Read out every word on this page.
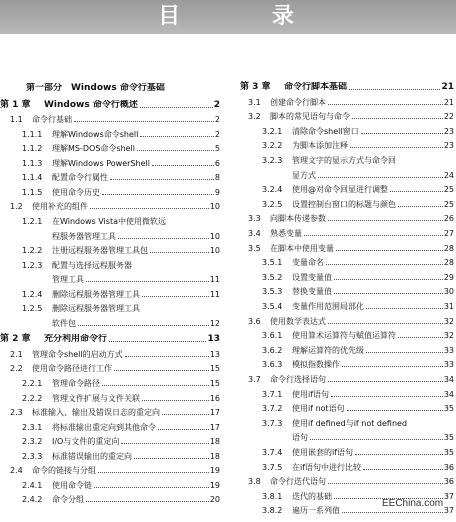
目 录
第一部分　Windows 命令行基础
第 1 章	Windows 命令行概述	2
1.1	命令行基础	2
1.1.1	理解Windows命令shell	2
1.1.2	理解MS-DOS命令shell	5
1.1.3	理解Windows PowerShell	6
1.1.4	配置命令行属性	8
1.1.5	使用命令历史	9
1.2	使用补充的组件	10
1.2.1	在Windows Vista中使用微软远
程服务器管理工具	10
1.2.2	注册远程服务器管理工具包	10
1.2.3	配置与选择远程服务器
管理工具	11
1.2.4	删除远程服务器管理工具	11
1.2.5	删除远程服务器管理工具
软件包	12
第 2 章	充分利用命令行	13
2.1	管理命令shell的启动方式	13
2.2	使用命令路径进行工作	15
2.2.1	管理命令路径	15
2.2.2	管理文件扩展与文件关联	16
2.3	标准输入、输出及错误日志的重定向	17
2.3.1	将标准输出重定向到其他命令	17
2.3.2	I/O与文件的重定向	18
2.3.3	标准错误输出的重定向	18
2.4	命令的链接与分组	19
2.4.1	使用命令链	19
2.4.2	命令分组	20
第 3 章	命令行脚本基础	21
3.1	创建命令行脚本	21
3.2	脚本的常见语句与命令	22
3.2.1	清除命令shell窗口	23
3.2.2	为脚本添加注释	23
3.2.3	管理文字的显示方式与命令回
显方式	24
3.2.4	使用@对命令回显进行调整	25
3.2.5	设置控制台窗口的标题与颜色	25
3.3	向脚本传递参数	26
3.4	熟悉变量	27
3.5	在脚本中使用变量	28
3.5.1	变量命名	28
3.5.2	设置变量值	29
3.5.3	替换变量值	30
3.5.4	变量作用范围局部化	31
3.6	使用数学表达式	32
3.6.1	使用算术运算符与赋值运算符	32
3.6.2	理解运算符的优先级	33
3.6.3	模拟指数操作	33
3.7	命令行选择语句	34
3.7.1	使用if语句	34
3.7.2	使用if not语句	35
3.7.3	使用if defined与if not defined
语句	35
3.7.4	使用嵌套的if语句	35
3.7.5	在if语句中进行比较	36
3.8	命令行迭代语句	36
3.8.1	迭代的基础	37
3.8.2	遍历一系列值	37
EEChina.com
